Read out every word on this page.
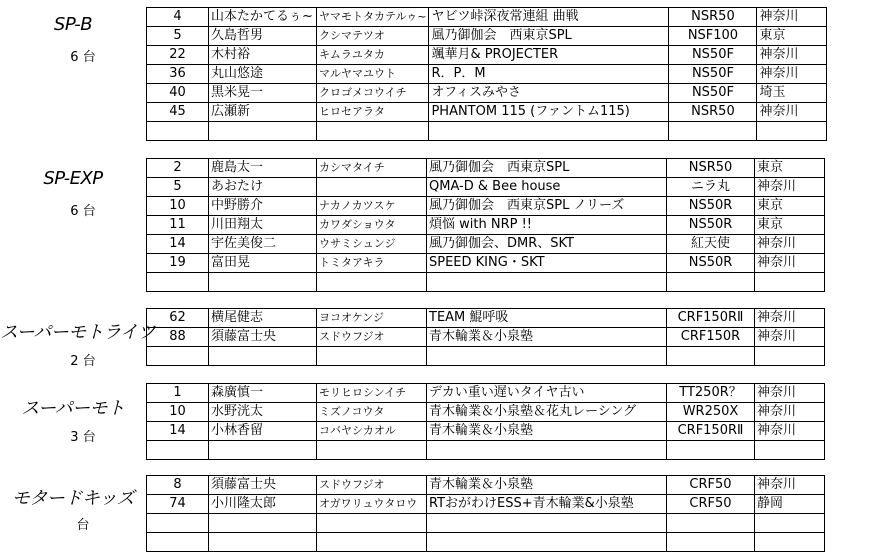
SP-B
6 台
4	山本たかてるぅ~	ヤマモトタカテルゥ~	ヤビツ峠深夜常連組 曲戦	NSR50	神奈川
5	久島哲男	クシマテツオ	風乃御伽会　西東京SPL	NSF100	東京
22	木村裕	キムラユタカ	颯華月& PROJECTER	NS50F	神奈川
36	丸山悠途	マルヤマユウト	R．P．M	NS50F	神奈川
40	黒米晃一	クロゴメコウイチ	オフィスみやさ	NS50F	埼玉
45	広瀬新	ヒロセアラタ	PHANTOM 115 (ファントム115)	NSR50	神奈川

SP-EXP
6 台
2	鹿島太一	カシマタイチ	風乃御伽会　西東京SPL	NSR50	東京
5	あおたけ		QMA-D & Bee house	ニラ丸	神奈川
10	中野勝介	ナカノカツスケ	風乃御伽会　西東京SPL ノリーズ	NS50R	東京
11	川田翔太	カワダショウタ	煩悩 with NRP !!	NS50R	東京
14	宇佐美俊二	ウサミシュンジ	風乃御伽会、DMR、SKT	紅天使	神奈川
19	富田晃	トミタアキラ	SPEED KING・SKT	NS50R	神奈川

スーパーモトライツ
2 台
62	横尾健志	ヨコオケンジ	TEAM 鯤呼吸	CRF150RⅡ	神奈川
88	須藤富士央	スドウフジオ	青木輪業＆小泉塾	CRF150R	神奈川

スーパーモト
3 台
1	森廣慎一	モリヒロシンイチ	デカい重い遅いタイヤ古い	TT250R？	神奈川
10	水野洸太	ミズノコウタ	青木輪業＆小泉塾＆花丸レーシング	WR250X	神奈川
14	小林香留	コバヤシカオル	青木輪業＆小泉塾	CRF150RⅡ	神奈川

モタードキッズ
台
8	須藤富士央	スドウフジオ	青木輪業＆小泉塾	CRF50	神奈川
74	小川隆太郎	オガワリュウタロウ	RTおがわけESS+青木輪業&小泉塾	CRF50	静岡
